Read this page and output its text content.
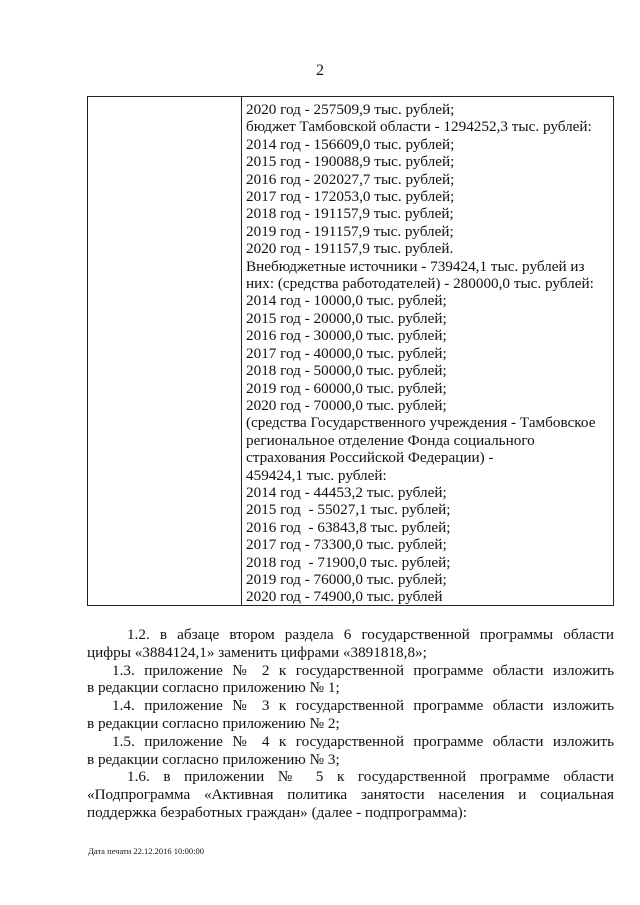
2
2020 год - 257509,9 тыс. рублей;
бюджет Тамбовской области - 1294252,3 тыс. рублей:
2014 год - 156609,0 тыс. рублей;
2015 год - 190088,9 тыс. рублей;
2016 год - 202027,7 тыс. рублей;
2017 год - 172053,0 тыс. рублей;
2018 год - 191157,9 тыс. рублей;
2019 год - 191157,9 тыс. рублей;
2020 год - 191157,9 тыс. рублей.
Внебюджетные источники - 739424,1 тыс. рублей из
них: (средства работодателей) - 280000,0 тыс. рублей:
2014 год - 10000,0 тыс. рублей;
2015 год - 20000,0 тыс. рублей;
2016 год - 30000,0 тыс. рублей;
2017 год - 40000,0 тыс. рублей;
2018 год - 50000,0 тыс. рублей;
2019 год - 60000,0 тыс. рублей;
2020 год - 70000,0 тыс. рублей;
(средства Государственного учреждения - Тамбовское
региональное отделение Фонда социального
страхования Российской Федерации) -
459424,1 тыс. рублей:
2014 год - 44453,2 тыс. рублей;
2015 год  - 55027,1 тыс. рублей;
2016 год  - 63843,8 тыс. рублей;
2017 год - 73300,0 тыс. рублей;
2018 год  - 71900,0 тыс. рублей;
2019 год - 76000,0 тыс. рублей;
2020 год - 74900,0 тыс. рублей
1.2. в абзаце втором раздела 6 государственной программы области
цифры «3884124,1» заменить цифрами «3891818,8»;
1.3. приложение № 2 к государственной программе области изложить
в редакции согласно приложению № 1;
1.4. приложение № 3 к государственной программе области изложить
в редакции согласно приложению № 2;
1.5. приложение № 4 к государственной программе области изложить
в редакции согласно приложению № 3;
1.6. в приложении № 5 к государственной программе области
«Подпрограмма «Активная политика занятости населения и социальная поддержка безработных граждан» (далее - подпрограмма):
Дата печати 22.12.2016 10:00:00
